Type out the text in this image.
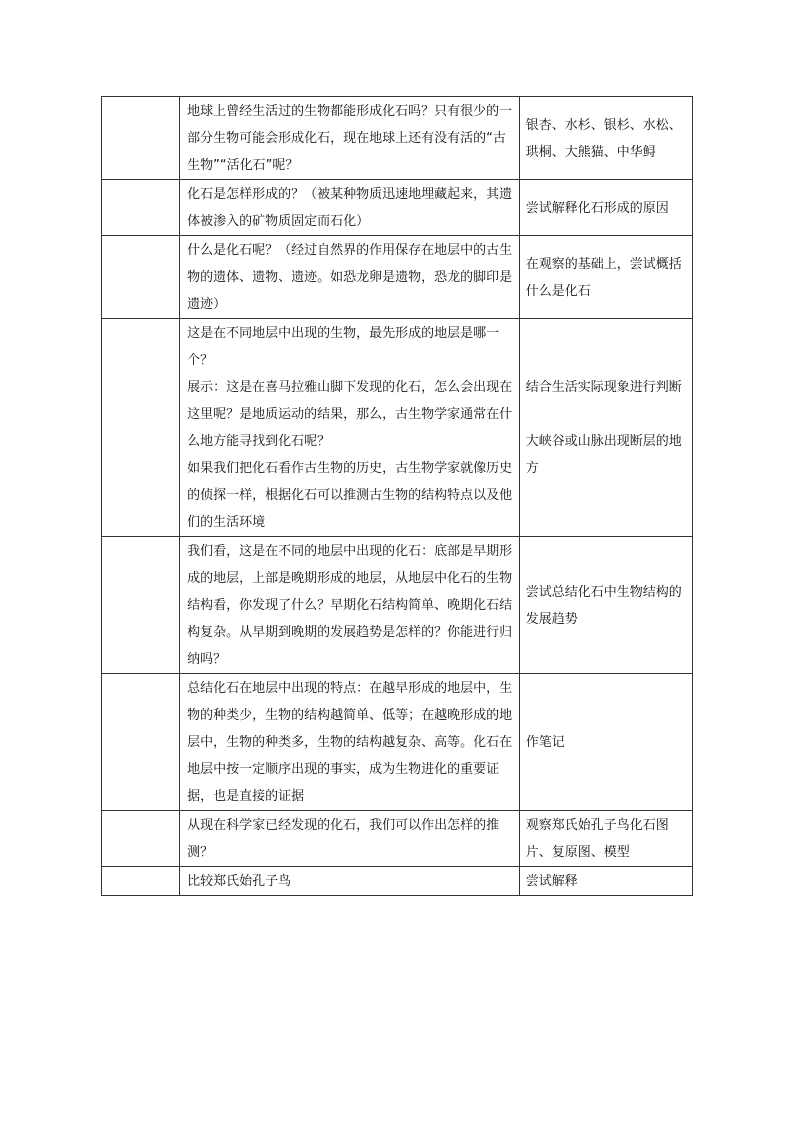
	地球上曾经生活过的生物都能形成化石吗？只有很少的一部分生物可能会形成化石，现在地球上还有没有活的“古生物”“活化石”呢？	银杏、水杉、银杉、水松、珙桐、大熊猫、中华鲟

	化石是怎样形成的？（被某种物质迅速地埋藏起来，其遗体被渗入的矿物质固定而石化）	尝试解释化石形成的原因

	什么是化石呢？（经过自然界的作用保存在地层中的古生物的遗体、遗物、遗迹。如恐龙卵是遗物，恐龙的脚印是遗迹）	在观察的基础上，尝试概括什么是化石

	这是在不同地层中出现的生物，最先形成的地层是哪一个？
展示：这是在喜马拉雅山脚下发现的化石，怎么会出现在这里呢？是地质运动的结果，那么，古生物学家通常在什么地方能寻找到化石呢？
如果我们把化石看作古生物的历史，古生物学家就像历史的侦探一样，根据化石可以推测古生物的结构特点以及他们的生活环境	结合生活实际现象进行判断
大峡谷或山脉出现断层的地方

	我们看，这是在不同的地层中出现的化石：底部是早期形成的地层，上部是晚期形成的地层，从地层中化石的生物结构看，你发现了什么？早期化石结构简单、晚期化石结构复杂。从早期到晚期的发展趋势是怎样的？你能进行归纳吗？	尝试总结化石中生物结构的发展趋势

	总结化石在地层中出现的特点：在越早形成的地层中，生物的种类少，生物的结构越简单、低等；在越晚形成的地层中，生物的种类多，生物的结构越复杂、高等。化石在地层中按一定顺序出现的事实，成为生物进化的重要证据，也是直接的证据	作笔记

	从现在科学家已经发现的化石，我们可以作出怎样的推测？	观察郑氏始孔子鸟化石图片、复原图、模型

	比较郑氏始孔子鸟	尝试解释
